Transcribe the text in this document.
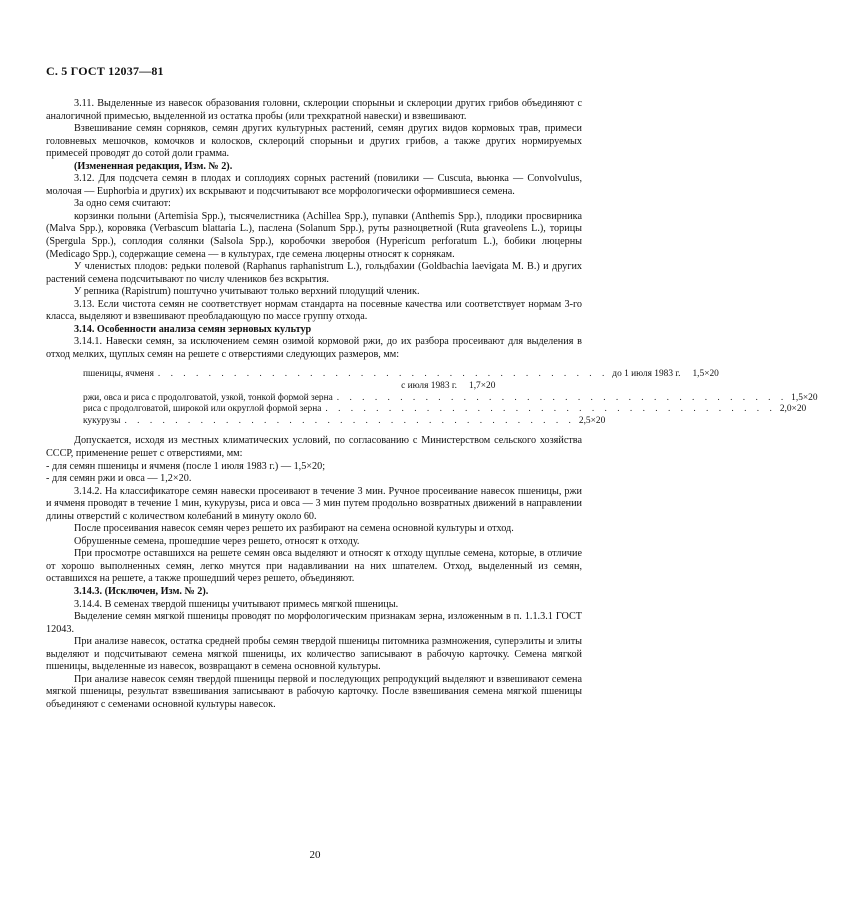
С. 5 ГОСТ 12037—81

3.11. Выделенные из навесок образования головни, склероции спорыньи и склероции других грибов объединяют с аналогичной примесью, выделенной из остатка пробы (или трехкратной навески) и взвешивают.

Взвешивание семян сорняков, семян других культурных растений, семян других видов кормовых трав, примеси головневых мешочков, комочков и колосков, склероций спорыньи и других грибов, а также других нормируемых примесей проводят до сотой доли грамма.

(Измененная редакция, Изм. № 2).

3.12. Для подсчета семян в плодах и соплодиях сорных растений (повилики — Cuscuta, вьюнка — Convolvulus, молочая — Euphorbia и других) их вскрывают и подсчитывают все морфологически оформившиеся семена.

За одно семя считают:

корзинки полыни (Artemisia Spp.), тысячелистника (Achillea Spp.), пупавки (Anthemis Spp.), плодики просвирника (Malva Spp.), коровяка (Verbascum blattaria L.), паслена (Solanum Spp.), руты разноцветной (Ruta graveolens L.), торицы (Spergula Spp.), соплодия солянки (Salsola Spp.), коробочки зверобоя (Hypericum perforatum L.), бобики люцерны (Medicago Spp.), содержащие семена — в культурах, где семена люцерны относят к сорнякам.

У членистых плодов: редьки полевой (Raphanus raphanistrum L.), гольдбахии (Goldbachia laevigata M. B.) и других растений семена подсчитывают по числу члеников без вскрытия.

У репника (Rapistrum) поштучно учитывают только верхний плодущий членик.

3.13. Если чистота семян не соответствует нормам стандарта на посевные качества или соответствует нормам 3-го класса, выделяют и взвешивают преобладающую по массе группу отхода.

3.14. Особенности анализа семян зерновых культур

3.14.1. Навески семян, за исключением семян озимой кормовой ржи, до их разбора просеивают для выделения в отход мелких, щуплых семян на решете с отверстиями следующих размеров, мм:

пшеницы, ячменя . . . . . . . . . . . . . . . . . . . . . . . . . . . . . . . . . . . . до 1 июля 1983 г.	1,5×20
с июля 1983 г.	1,7×20
ржи, овса и риса с продолговатой, узкой, тонкой формой зерна . . . . . . . . . . . . . . . . . . . . . . . . . . . . . . . . . . . . 1,5×20
риса с продолговатой, широкой или округлой формой зерна . . . . . . . . . . . . . . . . . . . . . . . . . . . . . . . . . . . . 2,0×20
кукурузы . . . . . . . . . . . . . . . . . . . . . . . . . . . . . . . . . . . . 2,5×20

Допускается, исходя из местных климатических условий, по согласованию с Министерством сельского хозяйства СССР, применение решет с отверстиями, мм:

- для семян пшеницы и ячменя (после 1 июля 1983 г.) — 1,5×20;

- для семян ржи и овса — 1,2×20.

3.14.2. На классификаторе семян навески просеивают в течение 3 мин. Ручное просеивание навесок пшеницы, ржи и ячменя проводят в течение 1 мин, кукурузы, риса и овса — 3 мин путем продольно возвратных движений в направлении длины отверстий с количеством колебаний в минуту около 60.

После просеивания навесок семян через решето их разбирают на семена основной культуры и отход.

Обрушенные семена, прошедшие через решето, относят к отходу.

При просмотре оставшихся на решете семян овса выделяют и относят к отходу щуплые семена, которые, в отличие от хорошо выполненных семян, легко мнутся при надавливании на них шпателем. Отход, выделенный из семян, оставшихся на решете, а также прошедший через решето, объединяют.

3.14.3. (Исключен, Изм. № 2).

3.14.4. В семенах твердой пшеницы учитывают примесь мягкой пшеницы.

Выделение семян мягкой пшеницы проводят по морфологическим признакам зерна, изложенным в п. 1.1.3.1 ГОСТ 12043.

При анализе навесок, остатка средней пробы семян твердой пшеницы питомника размножения, суперэлиты и элиты выделяют и подсчитывают семена мягкой пшеницы, их количество записывают в рабочую карточку. Семена мягкой пшеницы, выделенные из навесок, возвращают в семена основной культуры.

При анализе навесок семян твердой пшеницы первой и последующих репродукций выделяют и взвешивают семена мягкой пшеницы, результат взвешивания записывают в рабочую карточку. После взвешивания семена мягкой пшеницы объединяют с семенами основной культуры навесок.

20
